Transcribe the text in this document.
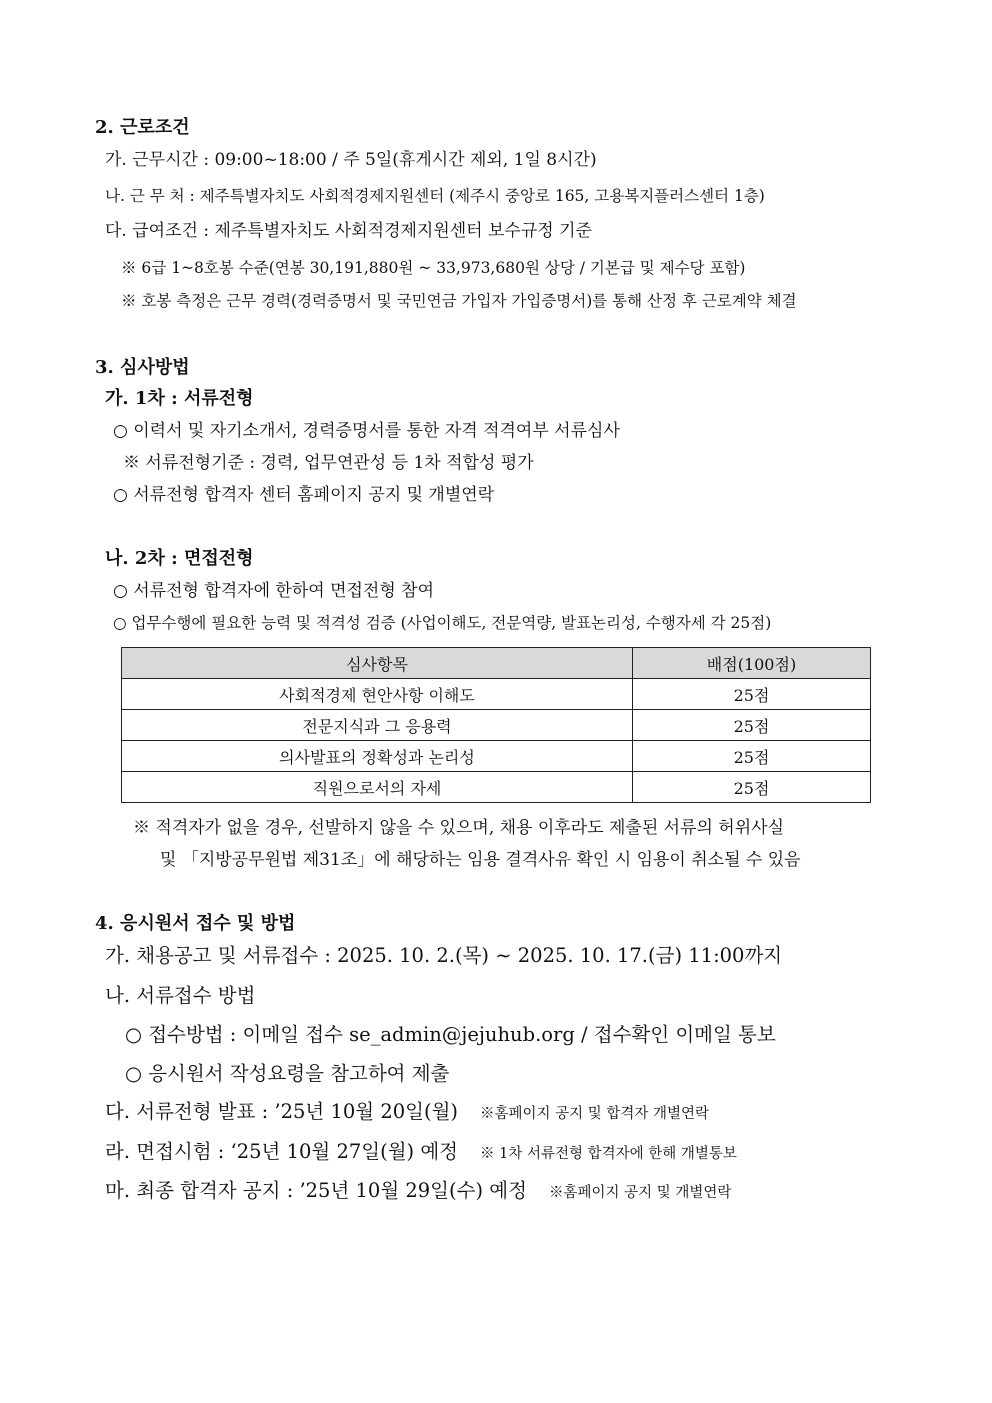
2. 근로조건
가. 근무시간 : 09:00~18:00 / 주 5일(휴게시간 제외, 1일 8시간)
나. 근 무 처 : 제주특별자치도 사회적경제지원센터 (제주시 중앙로 165, 고용복지플러스센터 1층)
다. 급여조건 : 제주특별자치도 사회적경제지원센터 보수규정 기준
※ 6급 1~8호봉 수준(연봉 30,191,880원 ~ 33,973,680원 상당 / 기본급 및 제수당 포함)
※ 호봉 측정은 근무 경력(경력증명서 및 국민연금 가입자 가입증명서)를 통해 산정 후 근로계약 체결
3. 심사방법
가. 1차 : 서류전형
○ 이력서 및 자기소개서, 경력증명서를 통한 자격 적격여부 서류심사
※ 서류전형기준 : 경력, 업무연관성 등 1차 적합성 평가
○ 서류전형 합격자 센터 홈페이지 공지 및 개별연락
나. 2차 : 면접전형
○ 서류전형 합격자에 한하여 면접전형 참여
○ 업무수행에 필요한 능력 및 적격성 검증 (사업이해도, 전문역량, 발표논리성, 수행자세 각 25점)
심사항목	배점(100점)
사회적경제 현안사항 이해도	25점
전문지식과 그 응용력	25점
의사발표의 정확성과 논리성	25점
직원으로서의 자세	25점
※ 적격자가 없을 경우, 선발하지 않을 수 있으며, 채용 이후라도 제출된 서류의 허위사실
및 「지방공무원법 제31조」에 해당하는 임용 결격사유 확인 시 임용이 취소될 수 있음
4. 응시원서 접수 및 방법
가. 채용공고 및 서류접수 : 2025. 10. 2.(목) ∼ 2025. 10. 17.(금) 11:00까지
나. 서류접수 방법
○ 접수방법 : 이메일 접수 se_admin@jejuhub.org / 접수확인 이메일 통보
○ 응시원서 작성요령을 참고하여 제출
다. 서류전형 발표 : ’25년 10월 20일(월) ※홈페이지 공지 및 합격자 개별연락
라. 면접시험 : ‘25년 10월 27일(월) 예정 ※ 1차 서류전형 합격자에 한해 개별통보
마. 최종 합격자 공지 : ’25년 10월 29일(수) 예정 ※홈페이지 공지 및 개별연락
